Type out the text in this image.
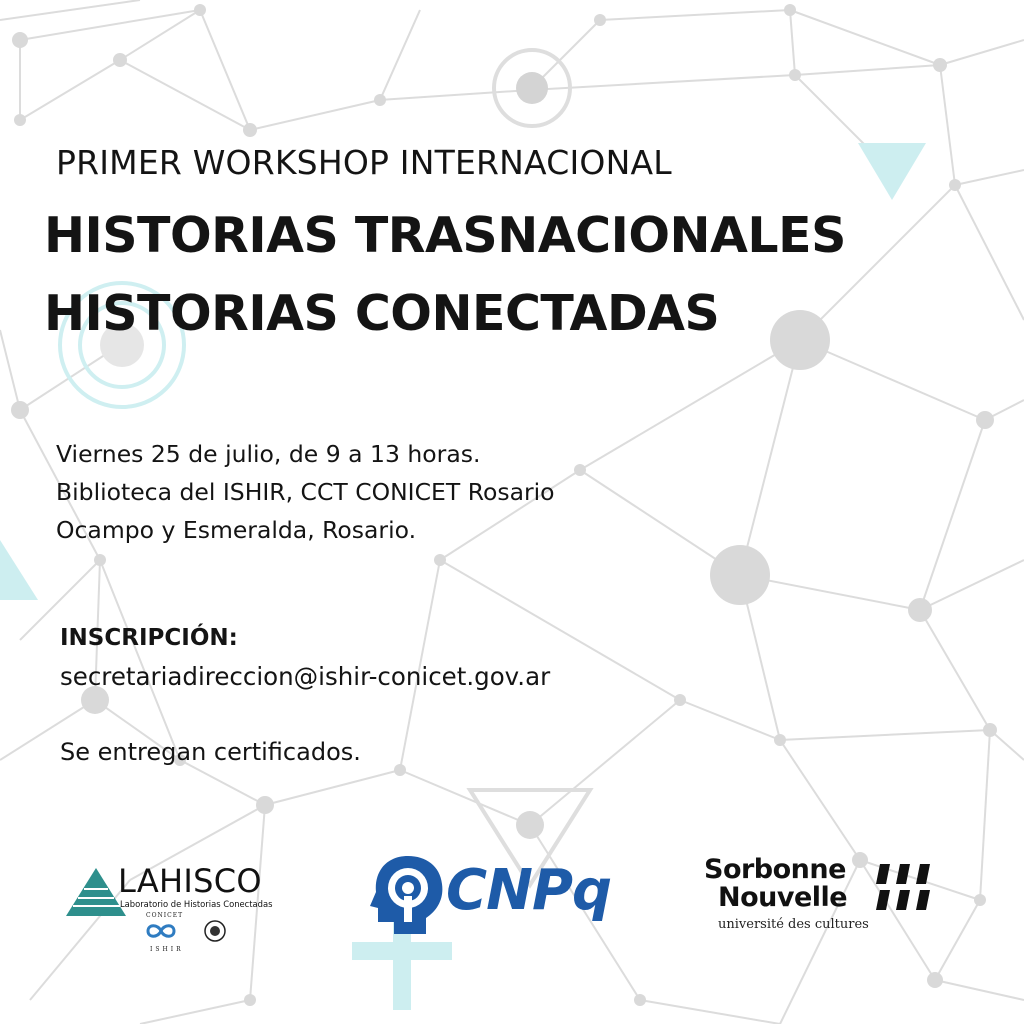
PRIMER WORKSHOP INTERNACIONAL
HISTORIAS TRASNACIONALES
HISTORIAS CONECTADAS
Viernes 25 de julio, de 9 a 13 horas.
Biblioteca del ISHIR, CCT CONICET Rosario
Ocampo y Esmeralda, Rosario.
INSCRIPCIÓN:
secretariadireccion@ishir-conicet.gov.ar
Se entregan certificados.
LAHISCO
Laboratorio de Historias Conectadas
CONICET
ISHIR
CNPq	Sorbonne
Nouvelle
université des cultures
